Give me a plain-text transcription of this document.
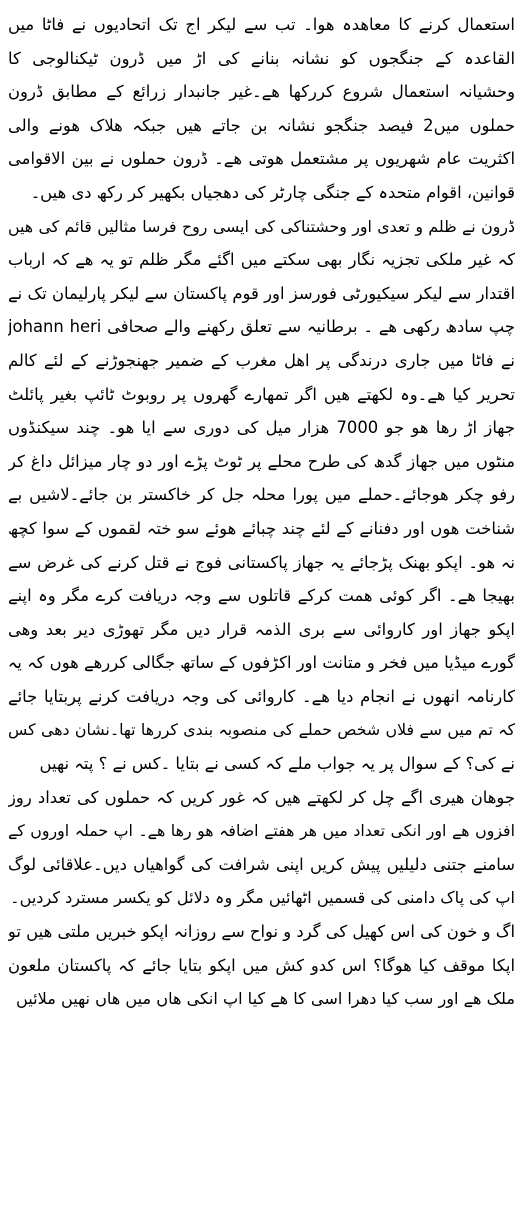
استعمال کرنے کا معاھدہ ھوا۔ تب سے لیکر اج تک اتحادیوں نے فاٹا میں
القاعدہ کے جنگجوں کو نشانہ بنانے کی اڑ میں ڈرون ٹیکنالوجی کا
وحشیانہ استعمال شروع کررکھا ھے۔غیر جانبدار زرائع کے مطابق ڈرون
حملوں میں2 فیصد جنگجو نشانہ بن جاتے ھیں جبکہ ھلاک ھونے والی
اکثریت عام شھریوں پر مشتعمل ھوتی ھے۔ ڈرون حملوں نے بین الاقوامی
قوانین، اقوام متحدہ کے جنگی چارٹر کی دھجیاں بکھیر کر رکھ دی ھیں۔
ڈرون نے ظلم و تعدی اور وحشتناکی کی ایسی روح فرسا مثالیں قائم کی ھیں
کہ غیر ملکی تجزیہ نگار بھی سکتے میں اگئے مگر ظلم تو یہ ھے کہ ارباب
اقتدار سے لیکر سیکیورٹی فورسز اور قوم پاکستان سے لیکر پارلیمان تک نے
چپ سادھ رکھی ھے ۔ برطانیہ سے تعلق رکھنے والے صحافی johann heri
نے فاٹا میں جاری درندگی پر اھل مغرب کے ضمیر جھنجوڑنے کے لئے کالم
تحریر کیا ھے۔وہ لکھتے ھیں اگر تمھارے گھروں پر روبوٹ ٹائپ بغیر پائلٹ
جھاز اڑ رھا ھو جو 7000 ھزار میل کی دوری سے ایا ھو۔ چند سیکنڈوں
منٹوں میں جھاز گدھ کی طرح محلے پر ٹوٹ پڑے اور دو چار میزائل داغ کر
رفو چکر ھوجائے۔حملے میں پورا محلہ جل کر خاکستر بن جائے۔لاشیں بے
شناخت ھوں اور دفنانے کے لئے چند چبائے ھوئے سو ختہ لقموں کے سوا کچھ
نہ ھو۔ اپکو بھنک پڑجائے یہ جھاز پاکستانی فوج نے قتل کرنے کی غرض سے
بھیجا ھے۔ اگر کوئی ھمت کرکے قاتلوں سے وجہ دریافت کرے مگر وہ اپنے
اپکو جھاز اور کاروائی سے بری الذمہ قرار دیں مگر تھوڑی دیر بعد وھی
گورے میڈیا میں فخر و متانت اور اکڑفوں کے ساتھ جگالی کررھے ھوں کہ یہ
کارنامہ انھوں نے انجام دیا ھے۔ کاروائی کی وجہ دریافت کرنے پربتایا جائے
کہ تم میں سے فلاں شخص حملے کی منصوبہ بندی کررھا تھا۔نشان دھی کس
نے کی؟ کے سوال پر یہ جواب ملے کہ کسی نے بتایا ۔کس نے ؟ پتہ نھیں
جوھان ھیری اگے چل کر لکھتے ھیں کہ غور کریں کہ حملوں کی تعداد روز
افزوں ھے اور انکی تعداد میں ھر ھفتے اضافہ ھو رھا ھے۔ اپ حملہ اوروں کے
سامنے جتنی دلیلیں پیش کریں اپنی شرافت کی گواھیاں دیں۔علاقائی لوگ
اپ کی پاک دامنی کی قسمیں اٹھائیں مگر وہ دلائل کو یکسر مسترد کردیں۔
اگ و خون کی اس کھیل کی گرد و نواح سے روزانہ اپکو خبریں ملتی ھیں تو
اپکا موقف کیا ھوگا؟ اس کدو کش میں اپکو بتایا جائے کہ پاکستان ملعون
ملک ھے اور سب کیا دھرا اسی کا ھے کیا اپ انکی ھاں میں ھاں نھیں ملائیں
